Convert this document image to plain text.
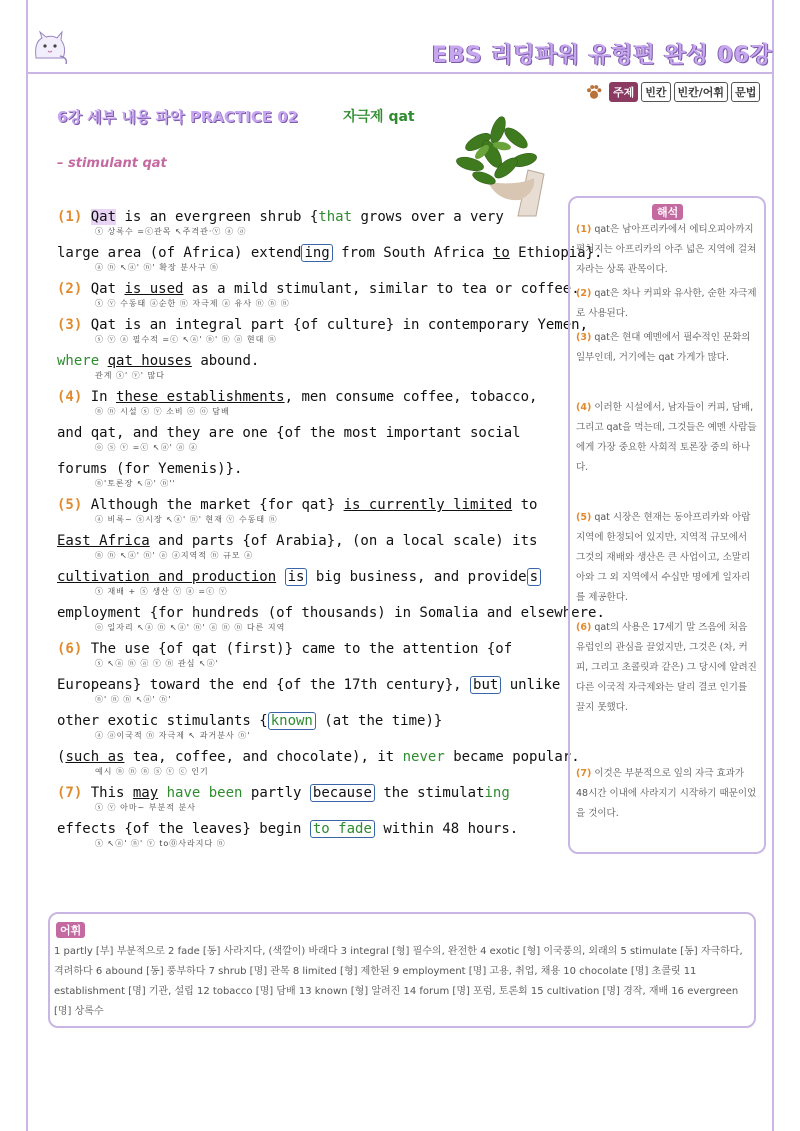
EBS 리딩파워 유형편 완성 06강
주제	빈칸	빈칸/어휘	문법
6강 세부 내용 파악 PRACTICE 02	자극제 qat
– stimulant qat
(1) Qat is an evergreen shrub {that grows over a very
ⓢ 상록수 =ⓒ관목 ↖주격관·ⓥ ⓐ ⓐ
large area (of Africa) extend ing from South Africa to Ethiopia}.
ⓐ ⓝ ↖ⓐ' ⓝ' 확장 분사구 ⓝ
(2) Qat is used as a mild stimulant, similar to tea or coffee.
ⓢ ⓥ 수동태 ⓐ순한 ⓝ 자극제 ⓐ 유사 ⓝ ⓝ ⓝ
(3) Qat is an integral part {of culture} in contemporary Yemen,
ⓢ ⓥ ⓐ 필수적 =ⓒ ↖ⓐ' ⓝ' ⓝ ⓐ 현대 ⓝ
where qat houses abound.
관계 ⓢ' ⓥ' 많다
(4) In these establishments, men consume coffee, tobacco,
ⓝ ⓝ 시설 ⓢ ⓥ 소비 ⓞ ⓞ 담배
and qat, and they are one {of the most important social
ⓞ ⓢ ⓥ =ⓒ ↖ⓐ' ⓐ ⓐ
forums (for Yemenis)}.
ⓝ'토론장 ↖ⓐ' ⓝ''
(5) Although the market {for qat} is currently limited to
ⓐ 비록~ ⓢ시장 ↖ⓐ' ⓝ' 현재 ⓥ 수동태 ⓝ
East Africa and parts {of Arabia}, (on a local scale) its
ⓝ ⓝ ↖ⓐ' ⓝ' ⓐ ⓐ지역적 ⓝ 규모 ⓐ
cultivation and production is big business, and provide s
ⓢ 재배 + ⓢ 생산 ⓥ ⓐ =ⓒ ⓥ
employment {for hundreds (of thousands) in Somalia and elsewhere.
ⓞ 일자리 ↖ⓐ ⓝ ↖ⓐ' ⓝ' ⓐ ⓝ ⓝ 다른 지역
(6) The use {of qat (first)} came to the attention {of
ⓢ ↖ⓐ ⓝ ⓐ ⓥ ⓝ 관심 ↖ⓐ'
Europeans} toward the end {of the 17th century}, but unlike
ⓝ' ⓝ ⓝ ↖ⓐ' ⓝ'
other exotic stimulants { known (at the time)}
ⓐ ⓐ이국적 ⓝ 자극제 ↖ 과거분사 ⓝ'
(such as tea, coffee, and chocolate), it never became popular.
예시 ⓝ ⓝ ⓝ ⓢ ⓥ ⓒ 인기
(7) This may have been partly because the stimulating
ⓢ ⓥ 아마~ 부분적 분사
effects {of the leaves} begin to fade within 48 hours.
ⓢ ↖ⓐ' ⓝ' ⓥ to⓪사라지다 ⓝ
해석
(1) qat은 남아프리카에서 에티오피아까지 펼쳐지는 아프리카의 아주 넓은 지역에 걸쳐 자라는 상록 관목이다.
(2) qat은 차나 커피와 유사한, 순한 자극제로 사용된다.
(3) qat은 현대 예멘에서 필수적인 문화의 일부인데, 거기에는 qat 가게가 많다.
(4) 이러한 시설에서, 남자들이 커피, 담배, 그리고 qat을 먹는데, 그것들은 예멘 사람들에게 가장 중요한 사회적 토론장 중의 하나다.
(5) qat 시장은 현재는 동아프리카와 아랍 지역에 한정되어 있지만, 지역적 규모에서 그것의 재배와 생산은 큰 사업이고, 소말리아와 그 외 지역에서 수십만 명에게 일자리를 제공한다.
(6) qat의 사용은 17세기 말 즈음에 처음 유럽인의 관심을 끌었지만, 그것은 (차, 커피, 그리고 초콜릿과 같은) 그 당시에 알려진 다른 이국적 자극제와는 달리 결코 인기를 끌지 못했다.
(7) 이것은 부분적으로 잎의 자극 효과가 48시간 이내에 사라지기 시작하기 때문이었을 것이다.
어휘
1 partly [부] 부분적으로 2 fade [동] 사라지다, (색깔이) 바래다 3 integral [형] 필수의, 완전한 4 exotic [형] 이국풍의, 외래의 5 stimulate [동] 자극하다, 격려하다 6 abound [동] 풍부하다 7 shrub [명] 관목 8 limited [형] 제한된 9 employment [명] 고용, 취업, 채용 10 chocolate [명] 초콜릿 11 establishment [명] 기관, 설립 12 tobacco [명] 담배 13 known [형] 알려진 14 forum [명] 포럼, 토론회 15 cultivation [명] 경작, 재배 16 evergreen [명] 상록수
